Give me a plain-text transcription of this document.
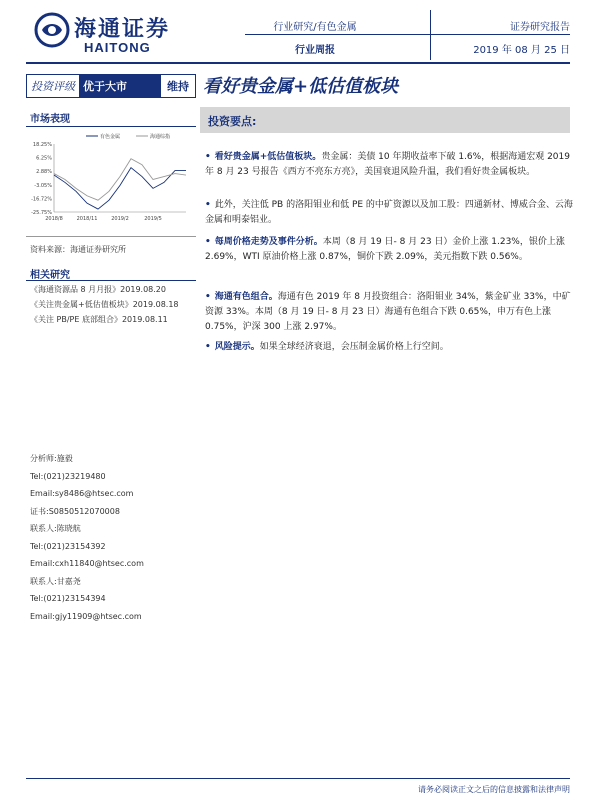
海通证券
HAITONG
行业研究/有色金属
行业周报
证券研究报告
2019 年 08 月 25 日
投资评级 优于大市	维持 看好贵金属+低估值板块
市场表现
18.25%
6.25%
2.88%
-3.05%
-16.72%
-25.75%
2018/8	2018/11	2019/2	2019/5
有色金属	海通综指
资料来源：海通证券研究所
相关研究
《海通资源品 8 月月报》2019.08.20
《关注贵金属+低估值板块》2019.08.18
《关注 PB/PE 底部组合》2019.08.11
分析师:施毅
Tel:(021)23219480
Email:sy8486@htsec.com
证书:S0850512070008
联系人:陈晓航
Tel:(021)23154392
Email:cxh11840@htsec.com
联系人:甘嘉尧
Tel:(021)23154394
Email:gjy11909@htsec.com
投资要点:
• 看好贵金属+低估值板块。贵金属：美债 10 年期收益率下破 1.6%，根据海通宏观 2019 年 8 月 23 号报告《西方不亮东方亮》，美国衰退风险升温，我们看好贵金属板块。
• 此外，关注低 PB 的洛阳钼业和低 PE 的中矿资源以及加工股：四通新材、博威合金、云海金属和明泰铝业。
• 每周价格走势及事件分析。本周（8 月 19 日- 8 月 23 日）金价上涨 1.23%，银价上涨 2.69%，WTI 原油价格上涨 0.87%，铜价下跌 2.09%，美元指数下跌 0.56%。
• 海通有色组合。海通有色 2019 年 8 月投资组合：洛阳钼业 34%，紫金矿业 33%，中矿资源 33%。本周（8 月 19 日- 8 月 23 日）海通有色组合下跌 0.65%，申万有色上涨 0.75%，沪深 300 上涨 2.97%。
• 风险提示。如果全球经济衰退，会压制金属价格上行空间。
请务必阅读正文之后的信息披露和法律声明
